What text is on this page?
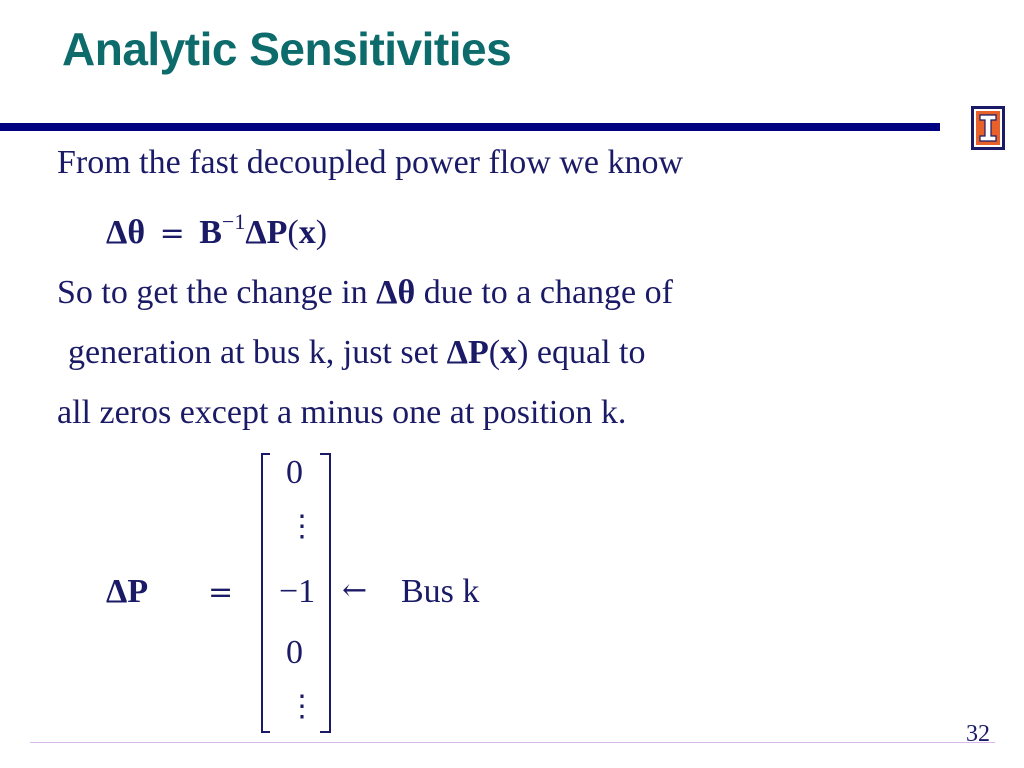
Analytic Sensitivities
From the fast decoupled power flow we know
$\Delta\theta = B^{-1}\Delta P(x)$
So to get the change in Δθ due to a change of
generation at bus k, just set ΔP(x) equal to
all zeros except a minus one at position k.
ΔP =
0
⋮
−1
0
⋮
← Bus k
32
